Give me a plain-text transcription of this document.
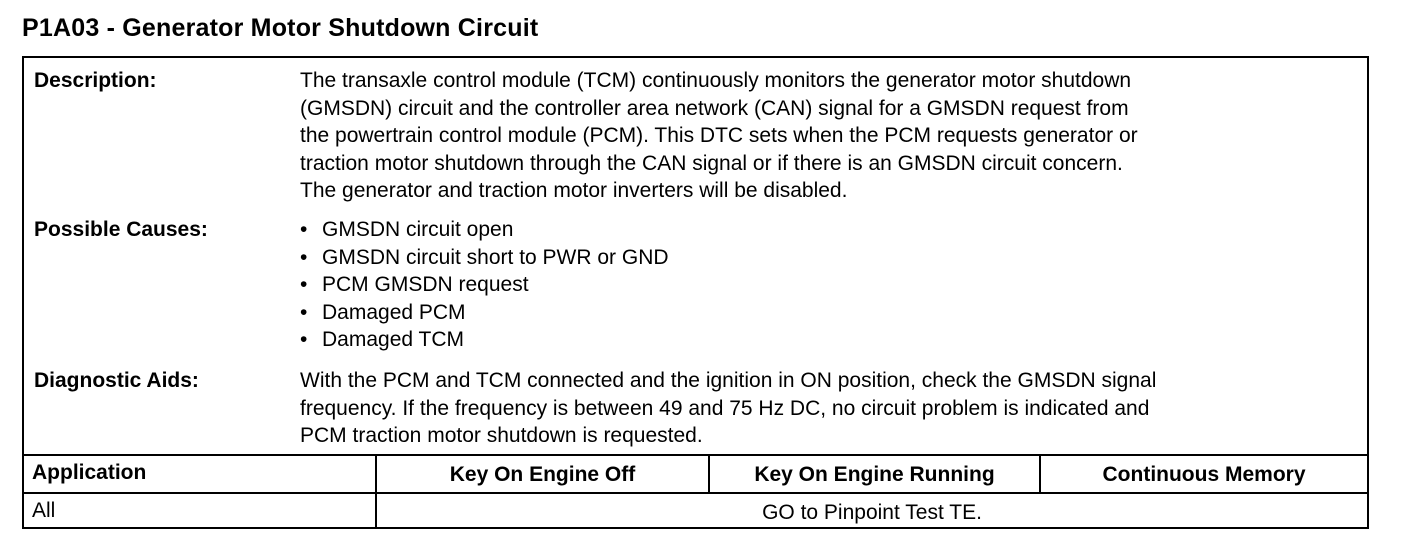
P1A03 - Generator Motor Shutdown Circuit
Description:	The transaxle control module (TCM) continuously monitors the generator motor shutdown
(GMSDN) circuit and the controller area network (CAN) signal for a GMSDN request from
the powertrain control module (PCM). This DTC sets when the PCM requests generator or
traction motor shutdown through the CAN signal or if there is an GMSDN circuit concern.
The generator and traction motor inverters will be disabled.
Possible Causes:	• GMSDN circuit open
• GMSDN circuit short to PWR or GND
• PCM GMSDN request
• Damaged PCM
• Damaged TCM
Diagnostic Aids:	With the PCM and TCM connected and the ignition in ON position, check the GMSDN signal
frequency. If the frequency is between 49 and 75 Hz DC, no circuit problem is indicated and
PCM traction motor shutdown is requested.
Application	Key On Engine Off	Key On Engine Running	Continuous Memory
All	GO to Pinpoint Test TE.
